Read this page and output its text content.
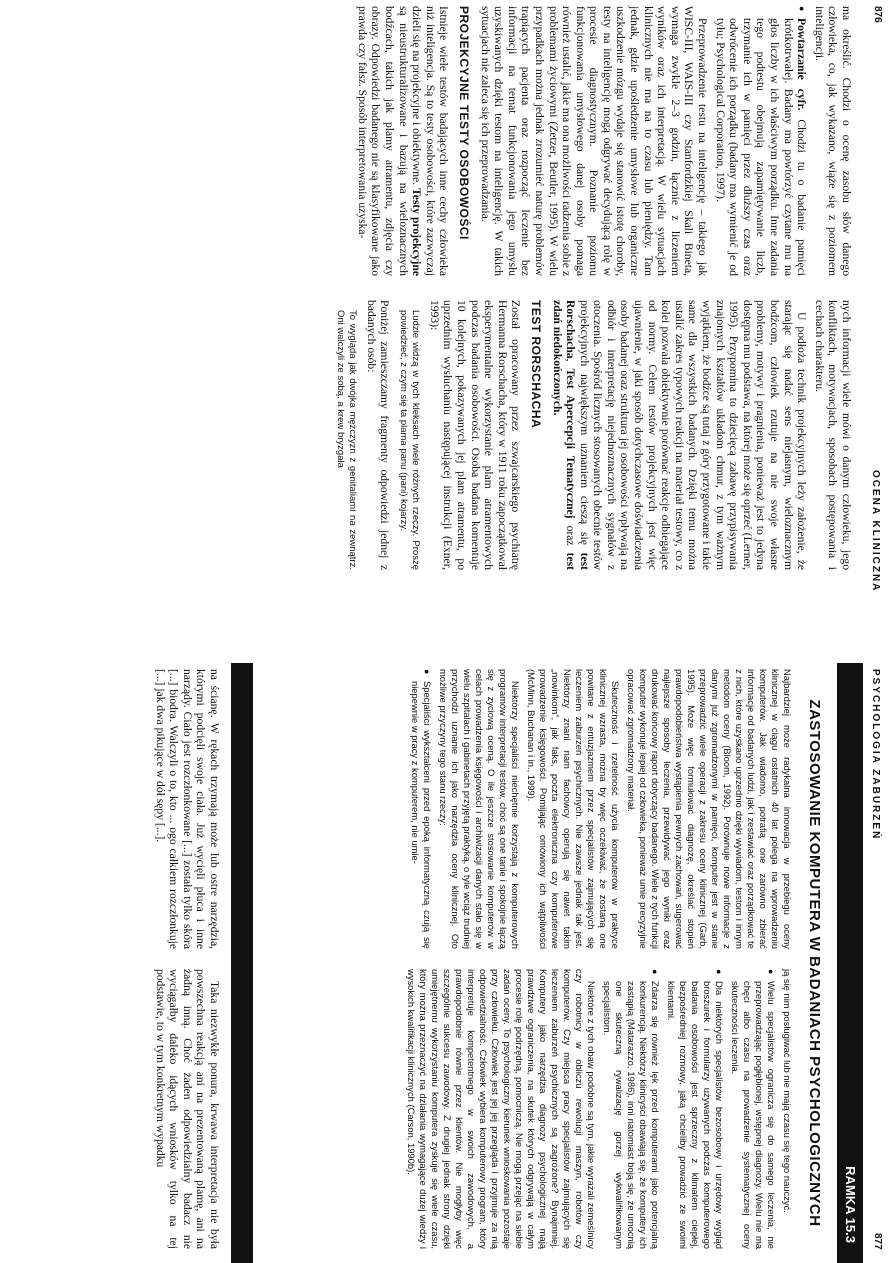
876
OCENA KLINICZNA

ma określić. Chodzi o ocenę zasobu słów danego człowieka, co, jak wykazano, wiąże się z poziomem inteligencji.

● Powtarzanie cyfr. Chodzi tu o badanie pamięci krótkotrwałej. Badany ma powtórzyć czytane mu na głos liczby w ich właściwym porządku. Inne zadania tego podtestu obejmują zapamiętywanie liczb, trzymanie ich w pamięci przez dłuższy czas oraz odwrócenie ich porządku (badany ma wymienić je od tyłu; Psychological Corporation, 1997).

Przeprowadzenie testu na inteligencję – takiego jak WISC-III, WAIS-III czy Stanfordzkiej Skali Bineta, wymaga zwykle 2–3 godzin, łącznie z liczeniem wyników oraz ich interpretacją. W wielu sytuacjach klinicznych nie ma na to czasu lub pieniędzy. Tam jednak, gdzie upośledzenie umysłowe lub organiczne uszkodzenie mózgu wydaje się stanowić istotę choroby, testy na inteligencję mogą odgrywać decydującą rolę w procesie diagnostycznym. Poznanie poziomu funkcjonowania umysłowego danej osoby pomaga również ustalić, jakie ma ona możliwości radzenia sobie z problemami życiowymi (Zetzer, Beutler, 1995). W wielu przypadkach można jednak zrozumieć naturę problemów trapiących pacjenta oraz rozpocząć leczenie bez informacji na temat funkcjonowania jego umysłu uzyskiwanych dzięki testom na inteligencję. W takich sytuacjach nie zaleca się ich przeprowadzania.

PROJEKCYJNE TESTY OSOBOWOŚCI

Istnieje wiele testów badających inne cechy człowieka niż inteligencja. Są to testy osobowości, które zazwyczaj dzieli się na projekcyjne i obiektywne. Testy projekcyjne są nieustrukturalizowane i bazują na wieloznacznych bodźcach, takich jak plamy atramentu, zdjęcia czy obrazy. Odpowiedzi badanego nie są klasyfikowane jako prawda czy fałsz. Sposób interpretowania uzyska-

nych informacji wiele mówi o danym człowieku, jego konfliktach, motywacjach, sposobach postępowania i cechach charakteru.

U podłoża technik projekcyjnych leży założenie, że starając się nadać sens niejasnym, wieloznacznym bodźcom, człowiek rzutuje na nie swoje własne problemy, motywy i pragnienia, ponieważ jest to jedyna dostępna mu podstawa, na której może się oprzeć (Lerner, 1995). Przypomina to dziecięcą zabawę przypisywania znajomych kształtów układom chmur, z tym ważnym wyjątkiem, że bodźce są tutaj z góry przygotowane i takie same dla wszystkich badanych. Dzięki temu można ustalić zakres typowych reakcji na materiał testowy, co z kolei pozwala obiektywnie porównać reakcje odbiegające od normy. Celem testów projekcyjnych jest więc ujawnienie, w jaki sposób dotychczasowe doświadczenia osoby badanej oraz struktura jej osobowości wpływają na odbiór i interpretację niejednoznacznych sygnałów z otoczenia. Spośród licznych stosowanych obecnie testów projekcyjnych największym uznaniem cieszą się test Rorschacha, Test Apercepcji Tematycznej oraz test zdań niedokończonych.

TEST RORSCHACHA

Został opracowany przez szwajcarskiego psychiatrę Hermanna Rorschacha, który w 1911 roku zapoczątkował eksperymentalne wykorzystanie plam atramentowych podczas badania osobowości. Osoba badana komentuje 10 kolejnych, pokazywanych jej plam atramentu, po uprzednim wysłuchaniu następującej instrukcji (Exner, 1993):

Ludzie widzą w tych kleksach wiele różnych rzeczy. Proszę powiedzieć, z czym się ta plama panu (pani) kojarzy.

Poniżej zamieszczamy fragmenty odpowiedzi jednej z badanych osób:

To wygląda jak dwójka mężczyzn z genitaliami na zewnątrz. Oni walczyli ze sobą, a krew bryzgała
PSYCHOLOGIA ZABURZEŃ
877
RAMKA 15.3
ZASTOSOWANIE KOMPUTERA W BADANIACH PSYCHOLOGICZNYCH

Najbardziej może radykalna innowacja w przebiegu oceny klinicznej w ciągu ostatnich 40 lat polega na wprowadzeniu komputerów. Jak wiadomo, potrafią one zarówno zbierać informacje od badanych ludzi, jak i zestawiać oraz porządkować te z nich, które uzyskano uprzednio dzięki wywiadom, testom i innym metodom oceny (Bloom, 1992). Porównuje nowe informacje z danymi już zgromadzonymi w pamięci, komputer jest w stanie przeprowadzić wiele operacji z zakresu oceny klinicznej (Garb, 1995). Może więc formułować diagnozę, określać stopień prawdopodobieństwa wystąpienia pewnych zachowań, sugerować najlepsze sposoby leczenia, przewidywać jego wyniki oraz drukować końcowy raport dotyczący badanego. Wiele z tych funkcji komputer wykonuje lepiej od człowieka, ponieważ umie precyzyjnie opracować zgromadzony materiał.

Skuteczność i rzetelność użycia komputerów w praktyce klinicznej wzrasta, można by więc oczekiwać, że zostaną one powitane z entuzjazmem przez specjalistów zajmujących się leczeniem zaburzeń psychicznych. Nie zawsze jednak tak jest. Niektórzy znani nam fachowcy operują się nawet takim „nowinkom”, jak faks, poczta elektroniczna czy komputerowe prowadzenie księgowości. Pomijając omówiony ich wątpliwości (McMinn, Buchanan i in., 1999).

Niektórzy specjaliści niechętnie korzystają z komputerowych programów interpretacji testów, choć są one tanie i spokojnie łączą się z zyciową oceną. O ile jeszcze stosowanie komputerów w celach prowadzenia księgowości i archiwizacji danych stało się w wielu szpitalach i gabinetach przyjętą praktyką, o tyle wciąż trudniej przychodzi uznanie ich jako narzędzia oceny klinicznej. Oto możliwe przyczyny tego stanu rzeczy:

● Specjaliści wykształceni przed epoką informatyczną czują się niepewnie w pracy z komputerem, nie umie-

ją się nim posługiwać lub nie mają czasu się tego nauczyć.

● Wielu specjalistów ogranicza się do samego leczenia, nie przeprowadzając pogłębionej, wstępnej diagnozy. Wielu nie ma chęci albo czasu na prowadzenie systematycznej oceny skuteczności leczenia.
● Dla niektórych specjalistów bezosobowy i urzędowy wygląd broszurek i formularzy używanych podczas komputerowego badania osobowości jest sprzeczny z klimatem ciepłej, bezpośredniej rozmowy, jaką chcieliby prowadzić ze swoimi klientami.
● Zdarza się również lęk przed komputerami jako potencjalną konkurencją. Niektórzy klinicyści obawiają się, że komputery ich zastąpią (Matarazzo, 1986), inni natomiast boją się, że umocnią one skuteczną rywalizację gorzej wykwalifikowanym specjalistom.

Niektóre z tych obaw podobne są tym, jakie wyrażali zemeślnicy czy robotnicy w obliczu rewolucji maszyn, robotów czy komputerów. Czy miejsca pracy specjalistów zajmujących się leczeniem zaburzeń psychicznych są zagrożone? Bynajmniej. Komputery jako narzędzia diagnozy psychologicznej mają prawdziwe ograniczenia, na skutek których odgrywają w całym procesie rolę podrzędną, pomocniczą. Nie mogą przejąć na siebie zadań oceny. To psychologiczny kierunek wnioskowania pozostaje przy człowieku. Człowiek jest jej jej przegląda i przyjmuje za nią odpowiedzialność. Człowiek wybiera komputerowy program, który interpretuje kompetentnego w swoich zawodowych, a prawdopodobnie równie przez klientów. Nie mogłyby więc szczególnie sukcesu zawodowy. Z drugiej jednak strony dzięki umiejętnemu wykorzystaniu komputera zyskuje się wiele czasu, który można przeznaczyć na działania wymagające dużej wiedzy i wysokich kwalifikacji klinicznych (Carson, 1990b).

na ścianę. W rękach trzymają może lub ostre narzędzia, którymi podcięli swoje ciała. Już wycięli płuca i inne narządy. Ciało jest rozczłonkowane [...] została tylko skóra [...] biodra. Walczyli o to, kto ... ogo całkiem rozczłonkuje [...] jak dwa pikujące w dół sępy [...].

Taka niezwykłe ponura, krwawa interpretacja nie była powszechna reakcją ani na prezentowaną plamę, ani na żadną inną. Choć żaden odpowiedzialny badacz nie wyciągałby daleko idących wniosków tylko na tej podstawie, to w tym konkretnym wypadku
